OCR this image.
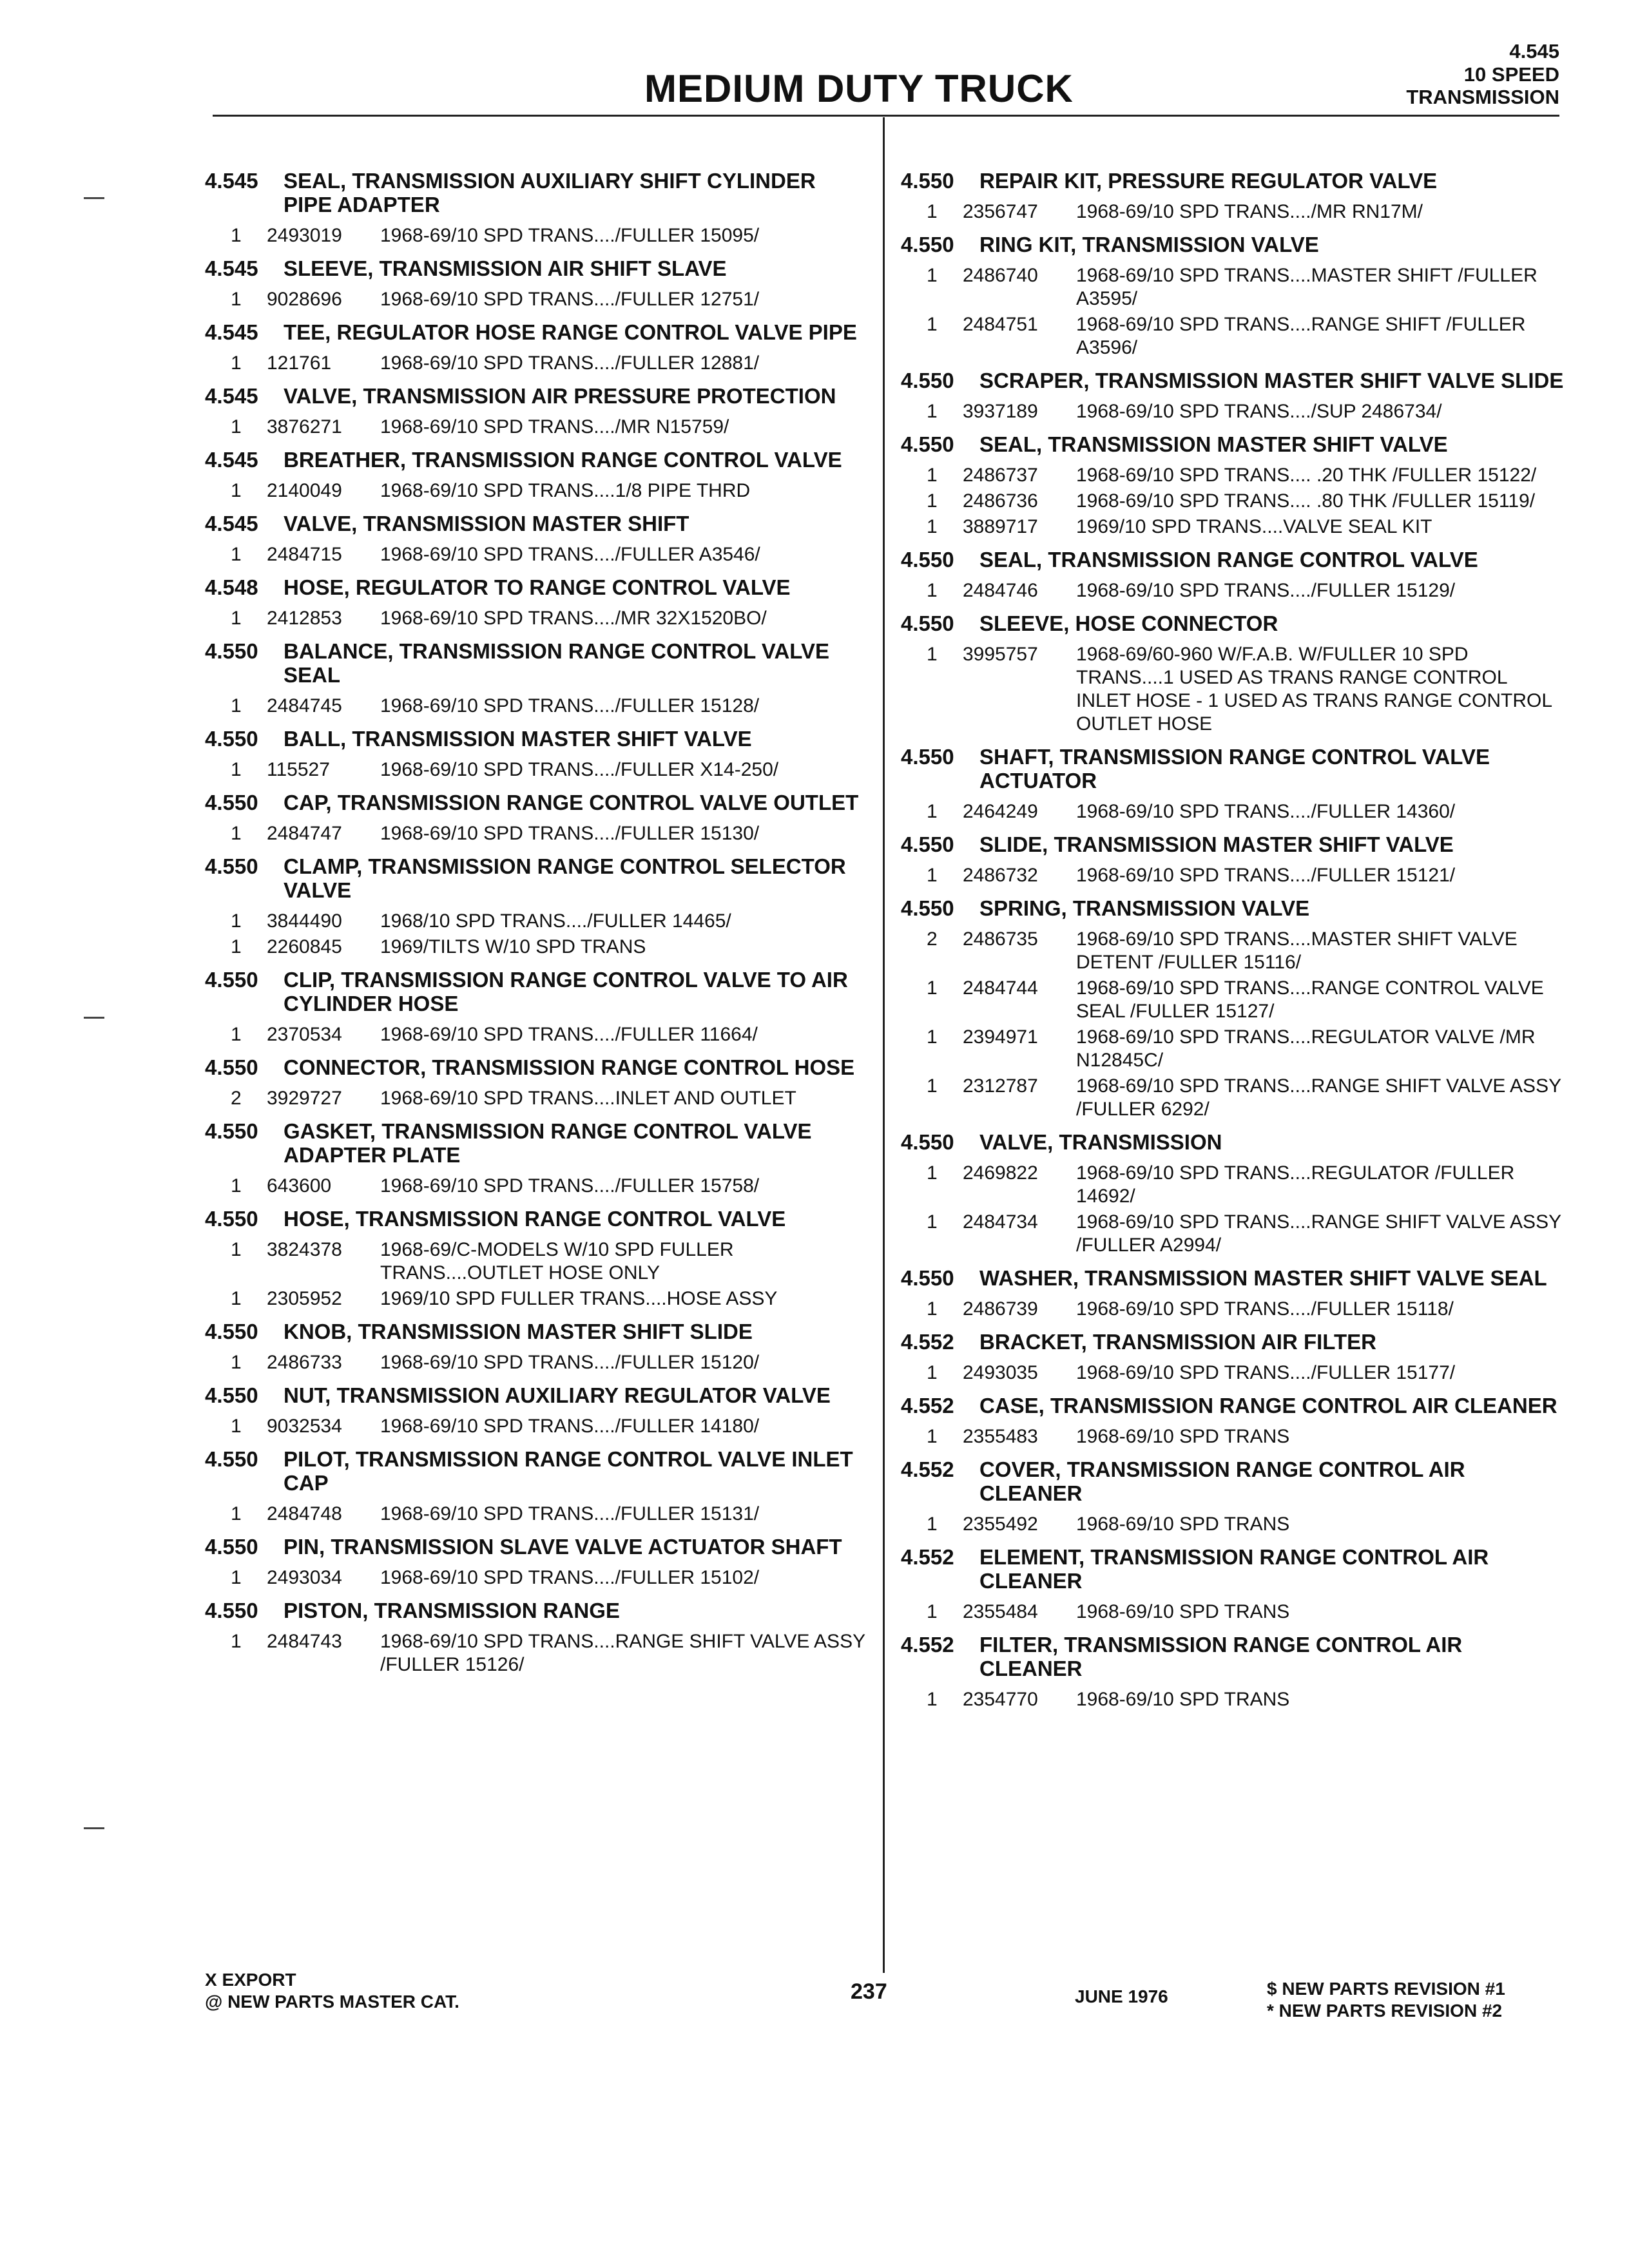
MEDIUM DUTY TRUCK
4.545
10 SPEED
TRANSMISSION
4.545	SEAL, TRANSMISSION AUXILIARY SHIFT CYLINDER PIPE ADAPTER
1	2493019	1968-69/10 SPD TRANS..../FULLER 15095/
4.545	SLEEVE, TRANSMISSION AIR SHIFT SLAVE
1	9028696	1968-69/10 SPD TRANS..../FULLER 12751/
4.545	TEE, REGULATOR HOSE RANGE CONTROL VALVE PIPE
1	121761	1968-69/10 SPD TRANS..../FULLER 12881/
4.545	VALVE, TRANSMISSION AIR PRESSURE PROTECTION
1	3876271	1968-69/10 SPD TRANS..../MR N15759/
4.545	BREATHER, TRANSMISSION RANGE CONTROL VALVE
1	2140049	1968-69/10 SPD TRANS....1/8 PIPE THRD
4.545	VALVE, TRANSMISSION MASTER SHIFT
1	2484715	1968-69/10 SPD TRANS..../FULLER A3546/
4.548	HOSE, REGULATOR TO RANGE CONTROL VALVE
1	2412853	1968-69/10 SPD TRANS..../MR 32X1520BO/
4.550	BALANCE, TRANSMISSION RANGE CONTROL VALVE SEAL
1	2484745	1968-69/10 SPD TRANS..../FULLER 15128/
4.550	BALL, TRANSMISSION MASTER SHIFT VALVE
1	115527	1968-69/10 SPD TRANS..../FULLER X14-250/
4.550	CAP, TRANSMISSION RANGE CONTROL VALVE OUTLET
1	2484747	1968-69/10 SPD TRANS..../FULLER 15130/
4.550	CLAMP, TRANSMISSION RANGE CONTROL SELECTOR VALVE
1	3844490	1968/10 SPD TRANS..../FULLER 14465/
1	2260845	1969/TILTS W/10 SPD TRANS
4.550	CLIP, TRANSMISSION RANGE CONTROL VALVE TO AIR CYLINDER HOSE
1	2370534	1968-69/10 SPD TRANS..../FULLER 11664/
4.550	CONNECTOR, TRANSMISSION RANGE CONTROL HOSE
2	3929727	1968-69/10 SPD TRANS....INLET AND OUTLET
4.550	GASKET, TRANSMISSION RANGE CONTROL VALVE ADAPTER PLATE
1	643600	1968-69/10 SPD TRANS..../FULLER 15758/
4.550	HOSE, TRANSMISSION RANGE CONTROL VALVE
1	3824378	1968-69/C-MODELS W/10 SPD FULLER TRANS....OUTLET HOSE ONLY
1	2305952	1969/10 SPD FULLER TRANS....HOSE ASSY
4.550	KNOB, TRANSMISSION MASTER SHIFT SLIDE
1	2486733	1968-69/10 SPD TRANS..../FULLER 15120/
4.550	NUT, TRANSMISSION AUXILIARY REGULATOR VALVE
1	9032534	1968-69/10 SPD TRANS..../FULLER 14180/
4.550	PILOT, TRANSMISSION RANGE CONTROL VALVE INLET CAP
1	2484748	1968-69/10 SPD TRANS..../FULLER 15131/
4.550	PIN, TRANSMISSION SLAVE VALVE ACTUATOR SHAFT
1	2493034	1968-69/10 SPD TRANS..../FULLER 15102/
4.550	PISTON, TRANSMISSION RANGE
1	2484743	1968-69/10 SPD TRANS....RANGE SHIFT VALVE ASSY /FULLER 15126/
4.550	REPAIR KIT, PRESSURE REGULATOR VALVE
1	2356747	1968-69/10 SPD TRANS..../MR RN17M/
4.550	RING KIT, TRANSMISSION VALVE
1	2486740	1968-69/10 SPD TRANS....MASTER SHIFT /FULLER A3595/
1	2484751	1968-69/10 SPD TRANS....RANGE SHIFT /FULLER A3596/
4.550	SCRAPER, TRANSMISSION MASTER SHIFT VALVE SLIDE
1	3937189	1968-69/10 SPD TRANS..../SUP 2486734/
4.550	SEAL, TRANSMISSION MASTER SHIFT VALVE
1	2486737	1968-69/10 SPD TRANS.... .20 THK /FULLER 15122/
1	2486736	1968-69/10 SPD TRANS.... .80 THK /FULLER 15119/
1	3889717	1969/10 SPD TRANS....VALVE SEAL KIT
4.550	SEAL, TRANSMISSION RANGE CONTROL VALVE
1	2484746	1968-69/10 SPD TRANS..../FULLER 15129/
4.550	SLEEVE, HOSE CONNECTOR
1	3995757	1968-69/60-960 W/F.A.B. W/FULLER 10 SPD TRANS....1 USED AS TRANS RANGE CONTROL INLET HOSE - 1 USED AS TRANS RANGE CONTROL OUTLET HOSE
4.550	SHAFT, TRANSMISSION RANGE CONTROL VALVE ACTUATOR
1	2464249	1968-69/10 SPD TRANS..../FULLER 14360/
4.550	SLIDE, TRANSMISSION MASTER SHIFT VALVE
1	2486732	1968-69/10 SPD TRANS..../FULLER 15121/
4.550	SPRING, TRANSMISSION VALVE
2	2486735	1968-69/10 SPD TRANS....MASTER SHIFT VALVE DETENT /FULLER 15116/
1	2484744	1968-69/10 SPD TRANS....RANGE CONTROL VALVE SEAL /FULLER 15127/
1	2394971	1968-69/10 SPD TRANS....REGULATOR VALVE /MR N12845C/
1	2312787	1968-69/10 SPD TRANS....RANGE SHIFT VALVE ASSY /FULLER 6292/
4.550	VALVE, TRANSMISSION
1	2469822	1968-69/10 SPD TRANS....REGULATOR /FULLER 14692/
1	2484734	1968-69/10 SPD TRANS....RANGE SHIFT VALVE ASSY /FULLER A2994/
4.550	WASHER, TRANSMISSION MASTER SHIFT VALVE SEAL
1	2486739	1968-69/10 SPD TRANS..../FULLER 15118/
4.552	BRACKET, TRANSMISSION AIR FILTER
1	2493035	1968-69/10 SPD TRANS..../FULLER 15177/
4.552	CASE, TRANSMISSION RANGE CONTROL AIR CLEANER
1	2355483	1968-69/10 SPD TRANS
4.552	COVER, TRANSMISSION RANGE CONTROL AIR CLEANER
1	2355492	1968-69/10 SPD TRANS
4.552	ELEMENT, TRANSMISSION RANGE CONTROL AIR CLEANER
1	2355484	1968-69/10 SPD TRANS
4.552	FILTER, TRANSMISSION RANGE CONTROL AIR CLEANER
1	2354770	1968-69/10 SPD TRANS
X EXPORT
@ NEW PARTS MASTER CAT.	237	JUNE 1976	$ NEW PARTS REVISION #1
* NEW PARTS REVISION #2
